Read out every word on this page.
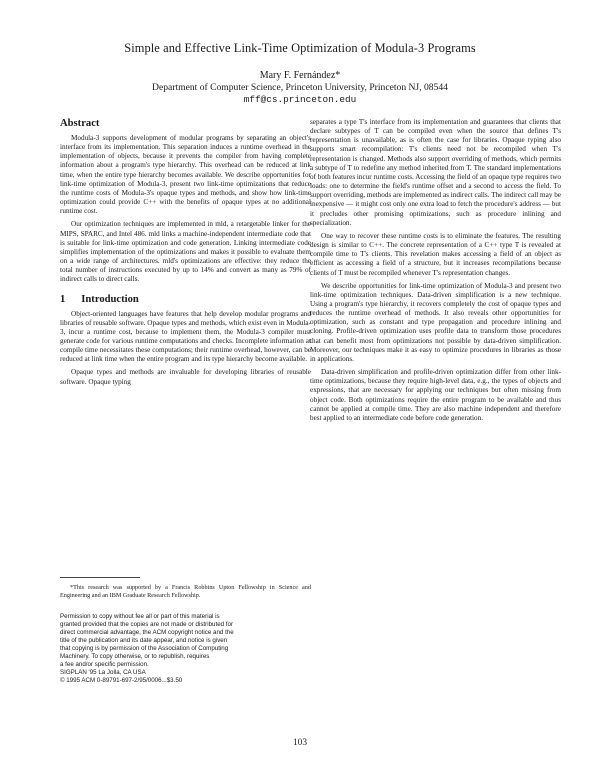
Simple and Effective Link-Time Optimization of Modula-3 Programs
Mary F. Fernández*
Department of Computer Science, Princeton University, Princeton NJ, 08544
mff@cs.princeton.edu
Abstract

Modula-3 supports development of modular programs by separating an object's interface from its implementation. This separation induces a runtime overhead in the implementation of objects, because it prevents the compiler from having complete information about a program's type hierarchy. This overhead can be reduced at link time, when the entire type hierarchy becomes available. We describe opportunities for link-time optimization of Modula-3, present two link-time optimizations that reduce the runtime costs of Modula-3's opaque types and methods, and show how link-time optimization could provide C++ with the benefits of opaque types at no additional runtime cost.

Our optimization techniques are implemented in mld, a retargetable linker for the MIPS, SPARC, and Intel 486. mld links a machine-independent intermediate code that is suitable for link-time optimization and code generation. Linking intermediate code simplifies implementation of the optimizations and makes it possible to evaluate them on a wide range of architectures. mld's optimizations are effective: they reduce the total number of instructions executed by up to 14% and convert as many as 79% of indirect calls to direct calls.

1 Introduction

Object-oriented languages have features that help develop modular programs and libraries of reusable software. Opaque types and methods, which exist even in Modula-3, incur a runtime cost, because to implement them, the Modula-3 compiler must generate code for various runtime computations and checks. Incomplete information at compile time necessitates these computations; their runtime overhead, however, can be reduced at link time when the entire program and its type hierarchy become available.

Opaque types and methods are invaluable for developing libraries of reusable software. Opaque typing

*This research was supported by a Francis Robbins Upton Fellowship in Science and Engineering and an IBM Graduate Research Fellowship.
Permission to copy without fee all or part of this material is
granted provided that the copies are not made or distributed for
direct commercial advantage, the ACM copyright notice and the
title of the publication and its date appear, and notice is given
that copying is by permission of the Association of Computing
Machinery. To copy otherwise, or to republish, requires
a fee and/or specific permission.
SIGPLAN '95 La Jolla, CA USA
© 1995 ACM 0-89791-697-2/95/0006...$3.50

separates a type T's interface from its implementation and guarantees that clients that declare subtypes of T can be compiled even when the source that defines T's representation is unavailable, as is often the case for libraries. Opaque typing also supports smart recompilation: T's clients need not be recompiled when T's representation is changed. Methods also support overriding of methods, which permits a subtype of T to redefine any method inherited from T. The standard implementations of both features incur runtime costs. Accessing the field of an opaque type requires two loads: one to determine the field's runtime offset and a second to access the field. To support overriding, methods are implemented as indirect calls. The indirect call may be inexpensive — it might cost only one extra load to fetch the procedure's address — but it precludes other promising optimizations, such as procedure inlining and specialization.

One way to recover these runtime costs is to eliminate the features. The resulting design is similar to C++. The concrete representation of a C++ type T is revealed at compile time to T's clients. This revelation makes accessing a field of an object as efficient as accessing a field of a structure, but it increases recompilations because clients of T must be recompiled whenever T's representation changes.

We describe opportunities for link-time optimization of Modula-3 and present two link-time optimization techniques. Data-driven simplification is a new technique. Using a program's type hierarchy, it recovers completely the cost of opaque types and reduces the runtime overhead of methods. It also reveals other opportunities for optimization, such as constant and type propagation and procedure inlining and cloning. Profile-driven optimization uses profile data to transform those procedures that can benefit most from optimizations not possible by data-driven simplification. Moreover, our techniques make it as easy to optimize procedures in libraries as those in applications.

Data-driven simplification and profile-driven optimization differ from other link-time optimizations, because they require high-level data, e.g., the types of objects and expressions, that are necessary for applying our techniques but often missing from object code. Both optimizations require the entire program to be available and thus cannot be applied at compile time. They are also machine independent and therefore best applied to an intermediate code before code generation.

103
